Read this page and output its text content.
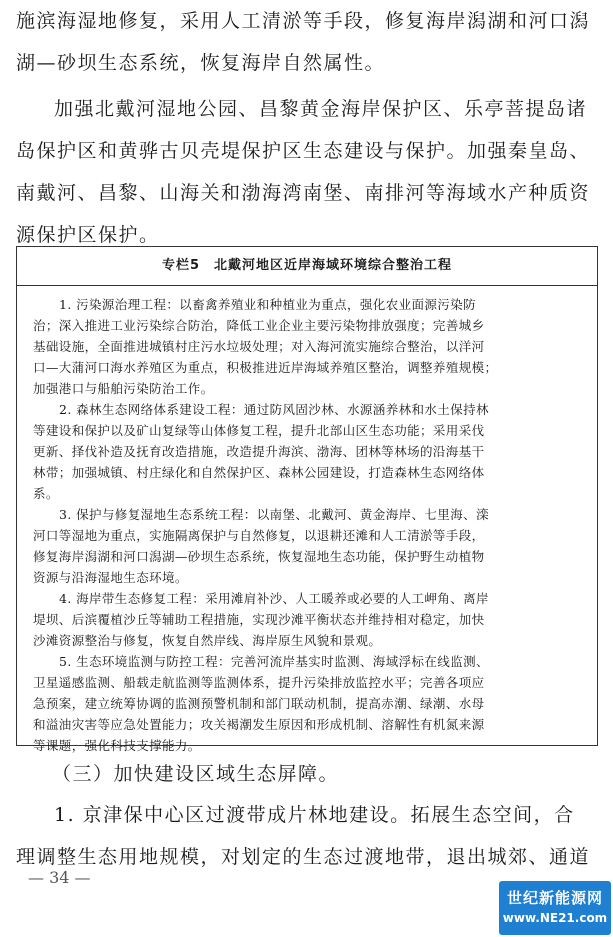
施滨海湿地修复，采用人工清淤等手段，修复海岸潟湖和河口潟
湖—砂坝生态系统，恢复海岸自然属性。
加强北戴河湿地公园、昌黎黄金海岸保护区、乐亭菩提岛诸
岛保护区和黄骅古贝壳堤保护区生态建设与保护。加强秦皇岛、
南戴河、昌黎、山海关和渤海湾南堡、南排河等海域水产种质资
源保护区保护。
专栏5　北戴河地区近岸海域环境综合整治工程

1. 污染源治理工程：以畜禽养殖业和种植业为重点，强化农业面源污染防
治；深入推进工业污染综合防治，降低工业企业主要污染物排放强度；完善城乡
基础设施，全面推进城镇村庄污水垃圾处理；对入海河流实施综合整治，以洋河
口—大蒲河口海水养殖区为重点，积极推进近岸海域养殖区整治，调整养殖规模；
加强港口与船舶污染防治工作。

2. 森林生态网络体系建设工程：通过防风固沙林、水源涵养林和水土保持林
等建设和保护以及矿山复绿等山体修复工程，提升北部山区生态功能；采用采伐
更新、择伐补造及抚育改造措施，改造提升海滨、渤海、团林等林场的沿海基干
林带；加强城镇、村庄绿化和自然保护区、森林公园建设，打造森林生态网络体
系。

3. 保护与修复湿地生态系统工程：以南堡、北戴河、黄金海岸、七里海、滦
河口等湿地为重点，实施隔离保护与自然修复，以退耕还滩和人工清淤等手段，
修复海岸潟湖和河口潟湖—砂坝生态系统，恢复湿地生态功能，保护野生动植物
资源与沿海湿地生态环境。

4. 海岸带生态修复工程：采用滩肩补沙、人工暖养或必要的人工岬角、离岸
堤坝、后滨覆植沙丘等辅助工程措施，实现沙滩平衡状态并维持相对稳定，加快
沙滩资源整治与修复，恢复自然岸线、海岸原生风貌和景观。

5. 生态环境监测与防控工程：完善河流岸基实时监测、海域浮标在线监测、
卫星遥感监测、船载走航监测等监测体系，提升污染排放监控水平；完善各项应
急预案，建立统筹协调的监测预警机制和部门联动机制，提高赤潮、绿潮、水母
和溢油灾害等应急处置能力；攻关褐潮发生原因和形成机制、溶解性有机氮来源
等课题，强化科技支撑能力。

（三）加快建设区域生态屏障。
1. 京津保中心区过渡带成片林地建设。拓展生态空间，合
理调整生态用地规模，对划定的生态过渡地带，退出城郊、通道
— 34 —
世纪新能源网
www.NE21.com
